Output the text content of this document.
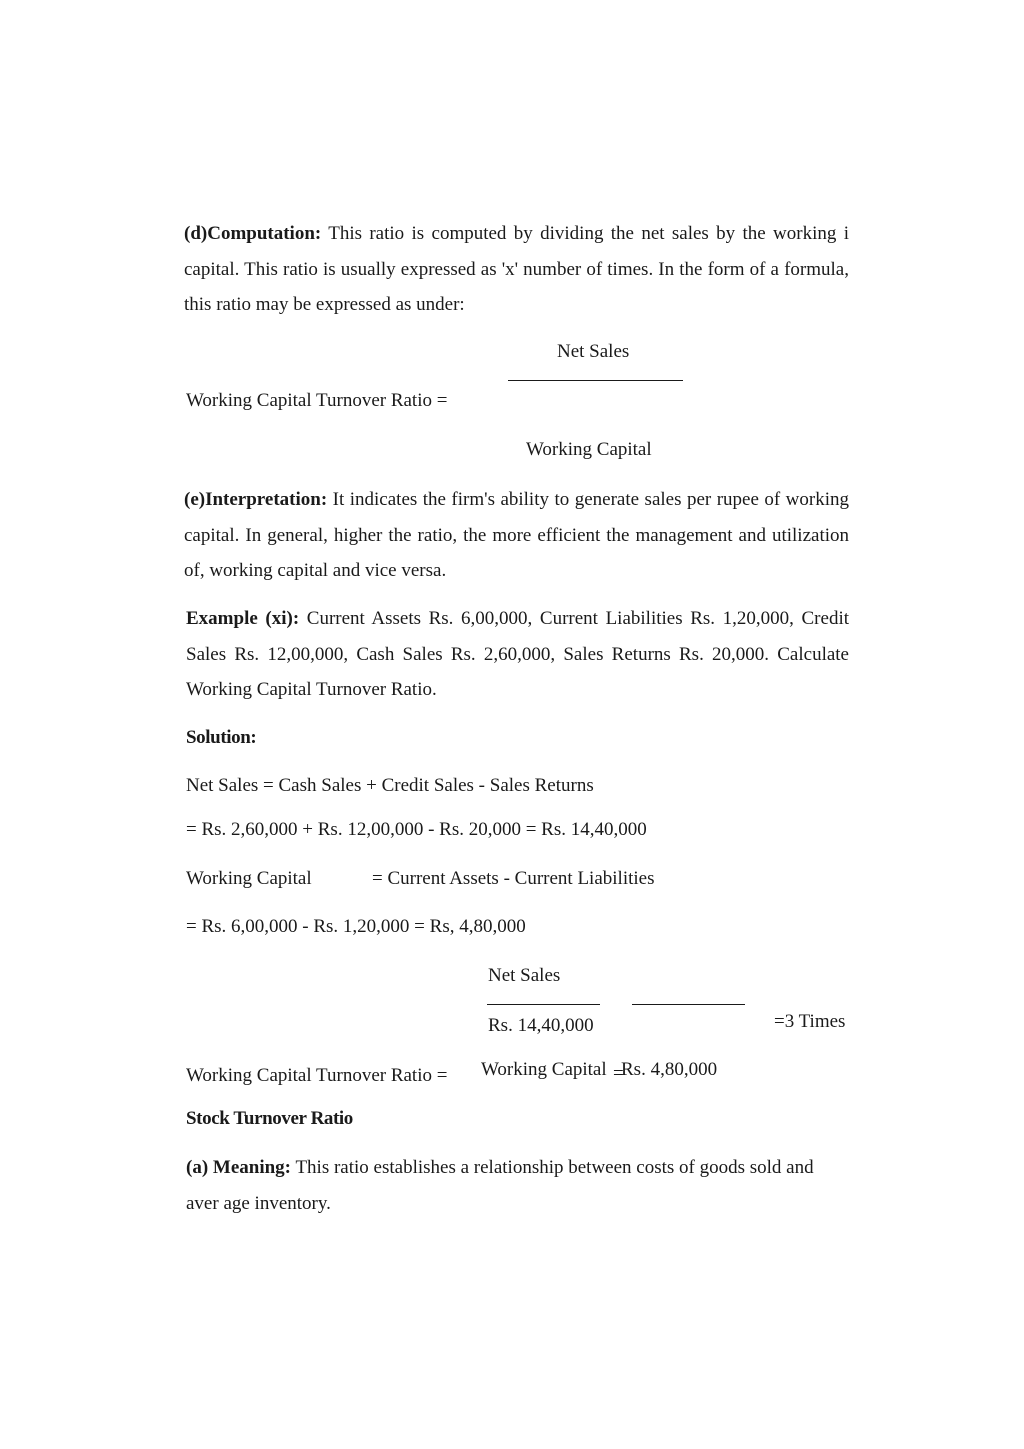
(d)Computation: This ratio is computed by dividing the net sales by the working i capital. This ratio is usually expressed as 'x' number of times. In the form of a formula, this ratio may be expressed as under:
Net Sales
Working Capital Turnover Ratio =
Working Capital
(e)Interpretation: It indicates the firm's ability to generate sales per rupee of working capital. In general, higher the ratio, the more efficient the management and utilization of, working capital and vice versa.
Example (xi): Current Assets Rs. 6,00,000, Current Liabilities Rs. 1,20,000, Credit Sales Rs. 12,00,000, Cash Sales Rs. 2,60,000, Sales Returns Rs. 20,000. Calculate Working Capital Turnover Ratio.
Solution:
Net Sales = Cash Sales + Credit Sales - Sales Returns
= Rs. 2,60,000 + Rs. 12,00,000 - Rs. 20,000 = Rs. 14,40,000
Working Capital	= Current Assets - Current Liabilities
= Rs. 6,00,000 - Rs. 1,20,000 = Rs, 4,80,000
Net Sales
Rs. 14,40,000	=3 Times
Working Capital Turnover Ratio = Working Capital =
Rs. 4,80,000
Stock Turnover Ratio
(a) Meaning: This ratio establishes a relationship between costs of goods sold and aver age inventory.
